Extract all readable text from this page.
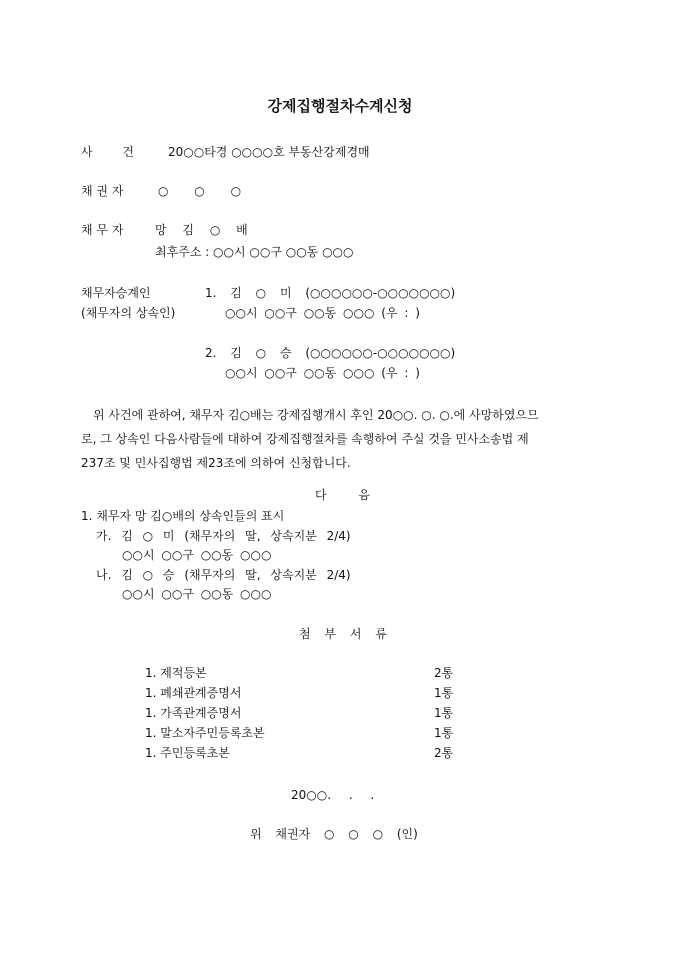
강제집행절차수계신청
사 건	20○○타경 ○○○○호 부동산강제경매
채 권 자	○ ○ ○
채 무 자	망 김 ○ 배
최후주소 : ○○시 ○○구 ○○동 ○○○
채무자승계인
(채무자의 상속인)
1. 김 ○ 미 (○○○○○○-○○○○○○○)
○○시 ○○구 ○○동 ○○○ (우 : )
2. 김 ○ 승 (○○○○○○-○○○○○○○)
○○시 ○○구 ○○동 ○○○ (우 : )
위 사건에 관하여, 채무자 김○배는 강제집행개시 후인 20○○. ○. ○.에 사망하였으므
로, 그 상속인 다음사람들에 대하여 강제집행절차를 속행하여 주실 것을 민사소송법 제
237조 및 민사집행법 제23조에 의하여 신청합니다.
다 음
1. 채무자 망 김○배의 상속인들의 표시
가. 김 ○ 미 (채무자의 딸, 상속지분 2/4)
○○시 ○○구 ○○동 ○○○
나. 김 ○ 승 (채무자의 딸, 상속지분 2/4)
○○시 ○○구 ○○동 ○○○
첨 부 서 류
1. 제적등본	2통
1. 폐쇄관계증명서	1통
1. 가족관계증명서	1통
1. 말소자주민등록초본	1통
1. 주민등록초본	2통
20○○. . .
위 채권자 ○ ○ ○ (인)
